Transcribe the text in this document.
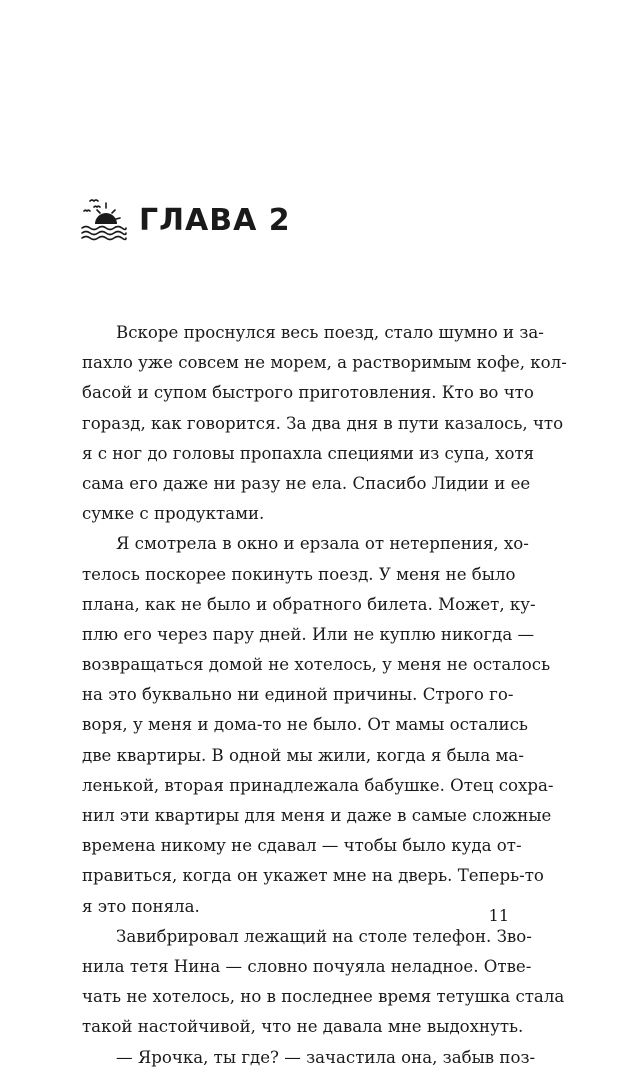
ГЛАВА 2
Вскоре проснулся весь поезд, стало шумно и за-
пахло уже совсем не морем, а растворимым кофе, кол-
басой и супом быстрого приготовления. Кто во что
горазд, как говорится. За два дня в пути казалось, что
я с ног до головы пропахла специями из супа, хотя
сама его даже ни разу не ела. Спасибо Лидии и ее
сумке с продуктами.
Я смотрела в окно и ерзала от нетерпения, хо-
телось поскорее покинуть поезд. У меня не было
плана, как не было и обратного билета. Может, ку-
плю его через пару дней. Или не куплю никогда —
возвращаться домой не хотелось, у меня не осталось
на это буквально ни единой причины. Строго го-
воря, у меня и дома-то не было. От мамы остались
две квартиры. В одной мы жили, когда я была ма-
ленькой, вторая принадлежала бабушке. Отец сохра-
нил эти квартиры для меня и даже в самые сложные
времена никому не сдавал — чтобы было куда от-
правиться, когда он укажет мне на дверь. Теперь-то
я это поняла.
Завибрировал лежащий на столе телефон. Зво-
нила тетя Нина — словно почуяла неладное. Отве-
чать не хотелось, но в последнее время тетушка стала
такой настойчивой, что не давала мне выдохнуть.
— Ярочка, ты где? — зачастила она, забыв поз-
11
